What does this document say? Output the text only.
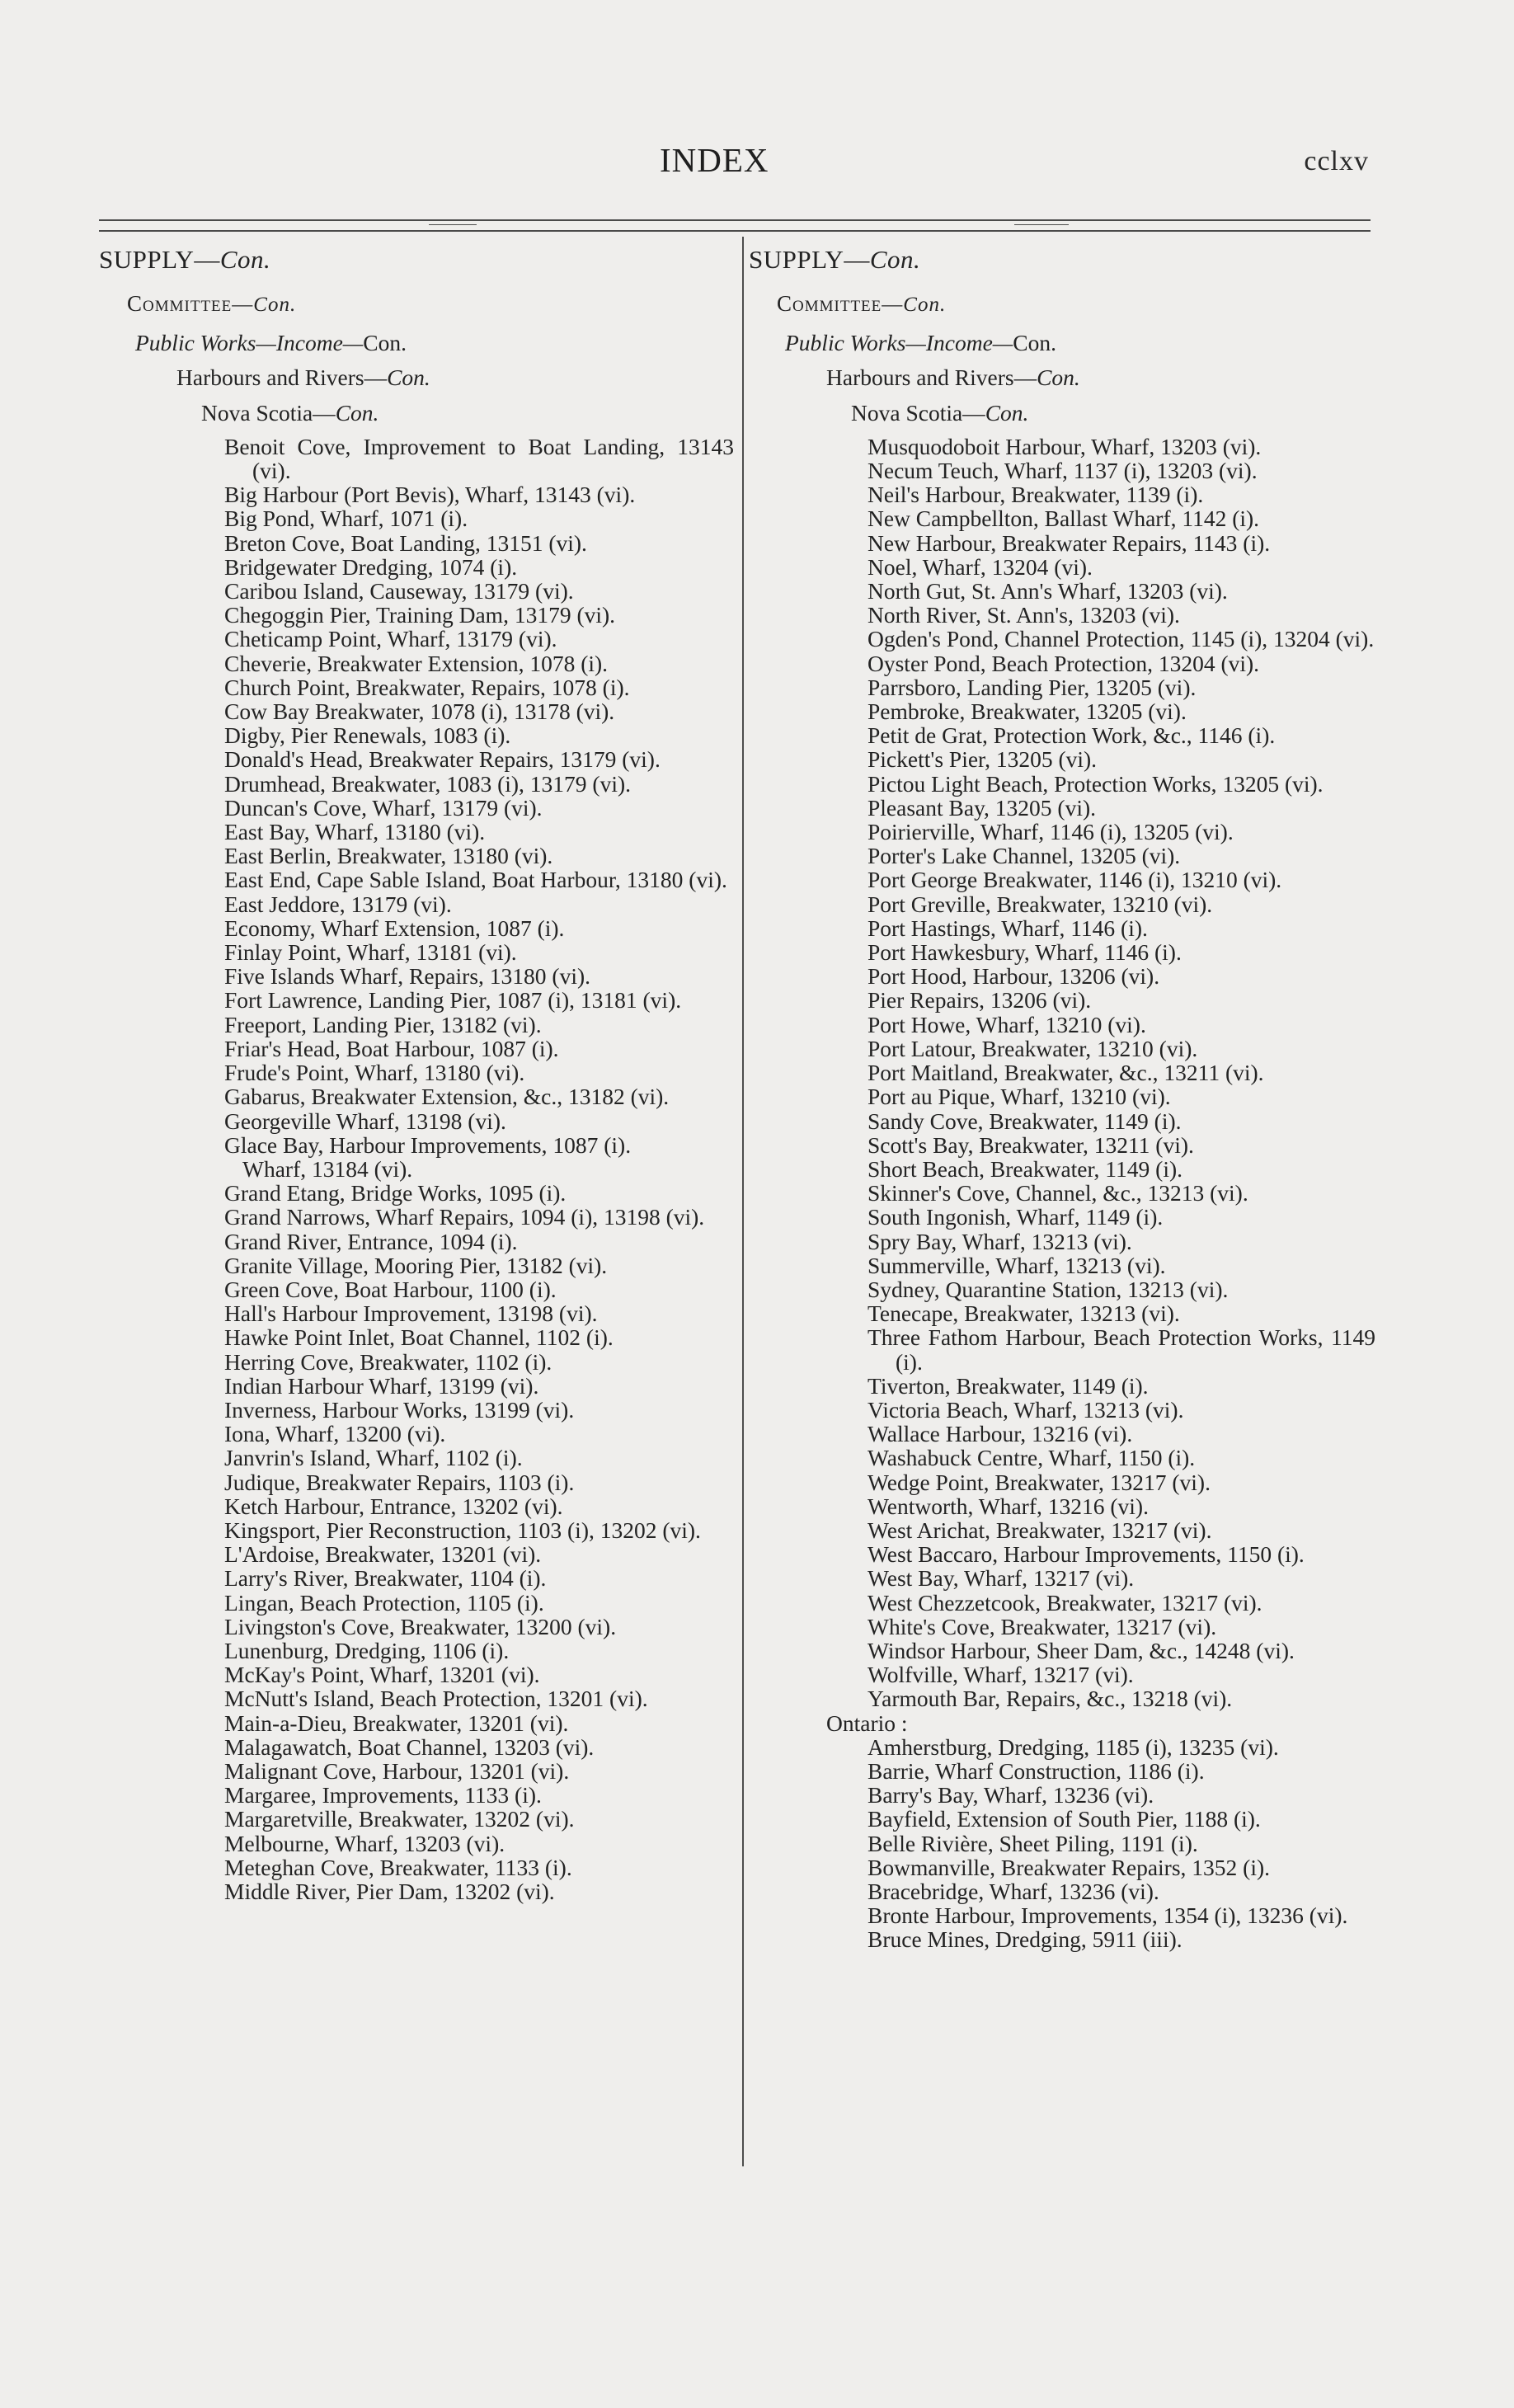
INDEX	cclxv
SUPPLY—Con.
Committee—Con.
Public Works—Income—Con.
Harbours and Rivers—Con.
Nova Scotia—Con.
Benoit Cove, Improvement to Boat Landing, 13143 (vi).
Big Harbour (Port Bevis), Wharf, 13143 (vi).
Big Pond, Wharf, 1071 (i).
Breton Cove, Boat Landing, 13151 (vi).
Bridgewater Dredging, 1074 (i).
Caribou Island, Causeway, 13179 (vi).
Chegoggin Pier, Training Dam, 13179 (vi).
Cheticamp Point, Wharf, 13179 (vi).
Cheverie, Breakwater Extension, 1078 (i).
Church Point, Breakwater, Repairs, 1078 (i).
Cow Bay Breakwater, 1078 (i), 13178 (vi).
Digby, Pier Renewals, 1083 (i).
Donald's Head, Breakwater Repairs, 13179 (vi).
Drumhead, Breakwater, 1083 (i), 13179 (vi).
Duncan's Cove, Wharf, 13179 (vi).
East Bay, Wharf, 13180 (vi).
East Berlin, Breakwater, 13180 (vi).
East End, Cape Sable Island, Boat Harbour, 13180 (vi).
East Jeddore, 13179 (vi).
Economy, Wharf Extension, 1087 (i).
Finlay Point, Wharf, 13181 (vi).
Five Islands Wharf, Repairs, 13180 (vi).
Fort Lawrence, Landing Pier, 1087 (i), 13181 (vi).
Freeport, Landing Pier, 13182 (vi).
Friar's Head, Boat Harbour, 1087 (i).
Frude's Point, Wharf, 13180 (vi).
Gabarus, Breakwater Extension, &c., 13182 (vi).
Georgeville Wharf, 13198 (vi).
Glace Bay, Harbour Improvements, 1087 (i).
Wharf, 13184 (vi).
Grand Etang, Bridge Works, 1095 (i).
Grand Narrows, Wharf Repairs, 1094 (i), 13198 (vi).
Grand River, Entrance, 1094 (i).
Granite Village, Mooring Pier, 13182 (vi).
Green Cove, Boat Harbour, 1100 (i).
Hall's Harbour Improvement, 13198 (vi).
Hawke Point Inlet, Boat Channel, 1102 (i).
Herring Cove, Breakwater, 1102 (i).
Indian Harbour Wharf, 13199 (vi).
Inverness, Harbour Works, 13199 (vi).
Iona, Wharf, 13200 (vi).
Janvrin's Island, Wharf, 1102 (i).
Judique, Breakwater Repairs, 1103 (i).
Ketch Harbour, Entrance, 13202 (vi).
Kingsport, Pier Reconstruction, 1103 (i), 13202 (vi).
L'Ardoise, Breakwater, 13201 (vi).
Larry's River, Breakwater, 1104 (i).
Lingan, Beach Protection, 1105 (i).
Livingston's Cove, Breakwater, 13200 (vi).
Lunenburg, Dredging, 1106 (i).
McKay's Point, Wharf, 13201 (vi).
McNutt's Island, Beach Protection, 13201 (vi).
Main-a-Dieu, Breakwater, 13201 (vi).
Malagawatch, Boat Channel, 13203 (vi).
Malignant Cove, Harbour, 13201 (vi).
Margaree, Improvements, 1133 (i).
Margaretville, Breakwater, 13202 (vi).
Melbourne, Wharf, 13203 (vi).
Meteghan Cove, Breakwater, 1133 (i).
Middle River, Pier Dam, 13202 (vi).
SUPPLY—Con.
Committee—Con.
Public Works—Income—Con.
Harbours and Rivers—Con.
Nova Scotia—Con.
Musquodoboit Harbour, Wharf, 13203 (vi).
Necum Teuch, Wharf, 1137 (i), 13203 (vi).
Neil's Harbour, Breakwater, 1139 (i).
New Campbellton, Ballast Wharf, 1142 (i).
New Harbour, Breakwater Repairs, 1143 (i).
Noel, Wharf, 13204 (vi).
North Gut, St. Ann's Wharf, 13203 (vi).
North River, St. Ann's, 13203 (vi).
Ogden's Pond, Channel Protection, 1145 (i), 13204 (vi).
Oyster Pond, Beach Protection, 13204 (vi).
Parrsboro, Landing Pier, 13205 (vi).
Pembroke, Breakwater, 13205 (vi).
Petit de Grat, Protection Work, &c., 1146 (i).
Pickett's Pier, 13205 (vi).
Pictou Light Beach, Protection Works, 13205 (vi).
Pleasant Bay, 13205 (vi).
Poirierville, Wharf, 1146 (i), 13205 (vi).
Porter's Lake Channel, 13205 (vi).
Port George Breakwater, 1146 (i), 13210 (vi).
Port Greville, Breakwater, 13210 (vi).
Port Hastings, Wharf, 1146 (i).
Port Hawkesbury, Wharf, 1146 (i).
Port Hood, Harbour, 13206 (vi).
Pier Repairs, 13206 (vi).
Port Howe, Wharf, 13210 (vi).
Port Latour, Breakwater, 13210 (vi).
Port Maitland, Breakwater, &c., 13211 (vi).
Port au Pique, Wharf, 13210 (vi).
Sandy Cove, Breakwater, 1149 (i).
Scott's Bay, Breakwater, 13211 (vi).
Short Beach, Breakwater, 1149 (i).
Skinner's Cove, Channel, &c., 13213 (vi).
South Ingonish, Wharf, 1149 (i).
Spry Bay, Wharf, 13213 (vi).
Summerville, Wharf, 13213 (vi).
Sydney, Quarantine Station, 13213 (vi).
Tenecape, Breakwater, 13213 (vi).
Three Fathom Harbour, Beach Protection Works, 1149 (i).
Tiverton, Breakwater, 1149 (i).
Victoria Beach, Wharf, 13213 (vi).
Wallace Harbour, 13216 (vi).
Washabuck Centre, Wharf, 1150 (i).
Wedge Point, Breakwater, 13217 (vi).
Wentworth, Wharf, 13216 (vi).
West Arichat, Breakwater, 13217 (vi).
West Baccaro, Harbour Improvements, 1150 (i).
West Bay, Wharf, 13217 (vi).
West Chezzetcook, Breakwater, 13217 (vi).
White's Cove, Breakwater, 13217 (vi).
Windsor Harbour, Sheer Dam, &c., 14248 (vi).
Wolfville, Wharf, 13217 (vi).
Yarmouth Bar, Repairs, &c., 13218 (vi).
Ontario :
Amherstburg, Dredging, 1185 (i), 13235 (vi).
Barrie, Wharf Construction, 1186 (i).
Barry's Bay, Wharf, 13236 (vi).
Bayfield, Extension of South Pier, 1188 (i).
Belle Rivière, Sheet Piling, 1191 (i).
Bowmanville, Breakwater Repairs, 1352 (i).
Bracebridge, Wharf, 13236 (vi).
Bronte Harbour, Improvements, 1354 (i), 13236 (vi).
Bruce Mines, Dredging, 5911 (iii).
